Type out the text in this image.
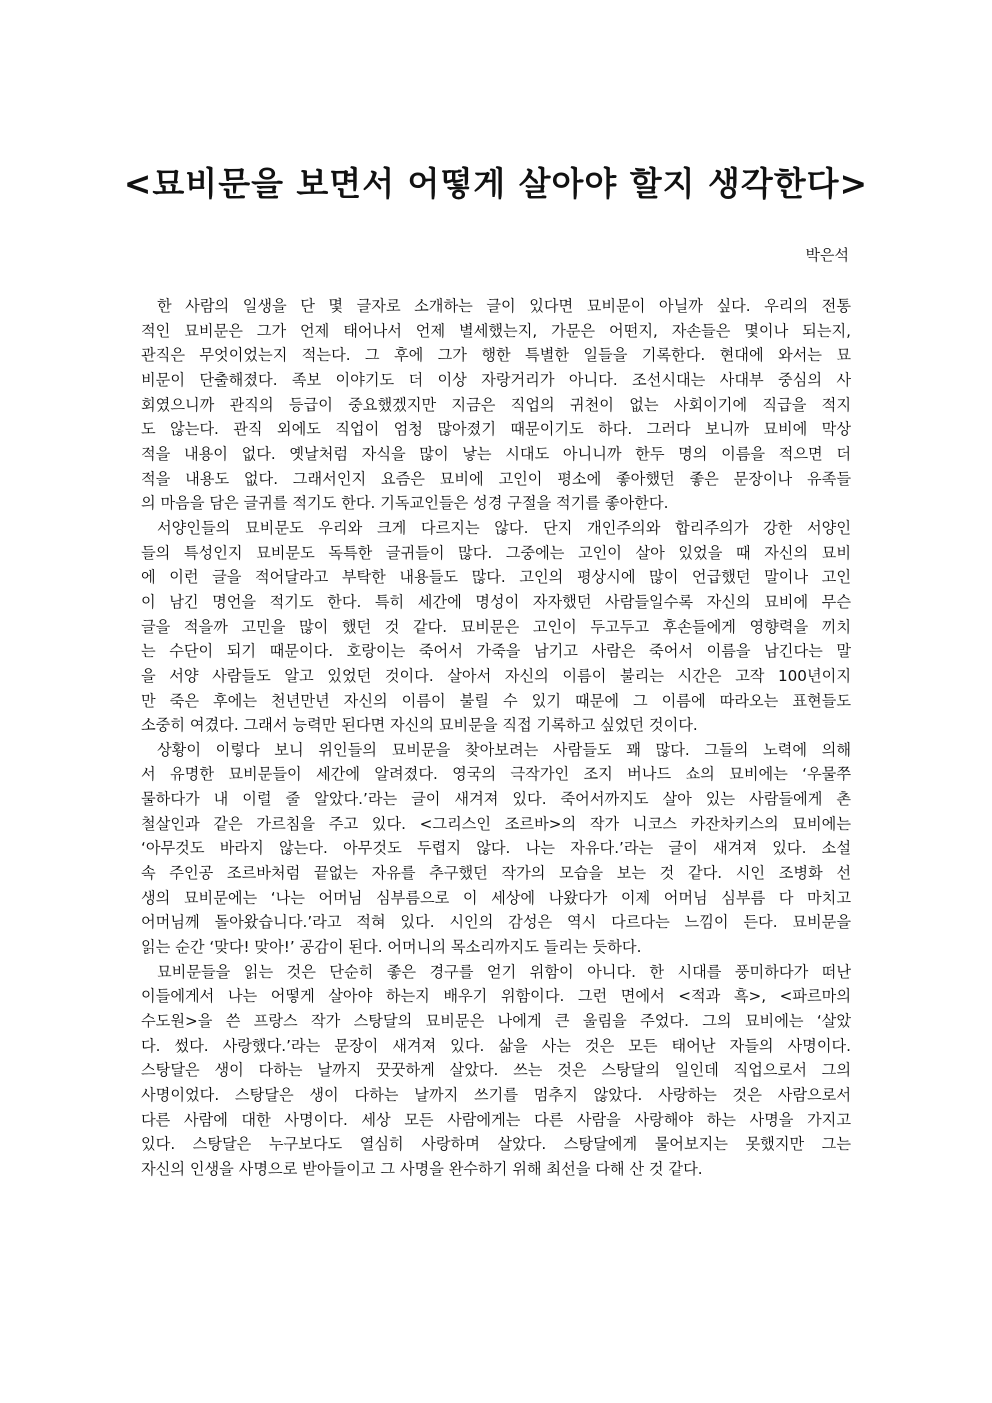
<묘비문을 보면서 어떻게 살아야 할지 생각한다>
박은석
한 사람의 일생을 단 몇 글자로 소개하는 글이 있다면 묘비문이 아닐까 싶다. 우리의 전통
적인 묘비문은 그가 언제 태어나서 언제 별세했는지, 가문은 어떤지, 자손들은 몇이나 되는지,
관직은 무엇이었는지 적는다. 그 후에 그가 행한 특별한 일들을 기록한다. 현대에 와서는 묘
비문이 단출해졌다. 족보 이야기도 더 이상 자랑거리가 아니다. 조선시대는 사대부 중심의 사
회였으니까 관직의 등급이 중요했겠지만 지금은 직업의 귀천이 없는 사회이기에 직급을 적지
도 않는다. 관직 외에도 직업이 엄청 많아졌기 때문이기도 하다. 그러다 보니까 묘비에 막상
적을 내용이 없다. 옛날처럼 자식을 많이 낳는 시대도 아니니까 한두 명의 이름을 적으면 더
적을 내용도 없다. 그래서인지 요즘은 묘비에 고인이 평소에 좋아했던 좋은 문장이나 유족들
의 마음을 담은 글귀를 적기도 한다. 기독교인들은 성경 구절을 적기를 좋아한다.
서양인들의 묘비문도 우리와 크게 다르지는 않다. 단지 개인주의와 합리주의가 강한 서양인
들의 특성인지 묘비문도 독특한 글귀들이 많다. 그중에는 고인이 살아 있었을 때 자신의 묘비
에 이런 글을 적어달라고 부탁한 내용들도 많다. 고인의 평상시에 많이 언급했던 말이나 고인
이 남긴 명언을 적기도 한다. 특히 세간에 명성이 자자했던 사람들일수록 자신의 묘비에 무슨
글을 적을까 고민을 많이 했던 것 같다. 묘비문은 고인이 두고두고 후손들에게 영향력을 끼치
는 수단이 되기 때문이다. 호랑이는 죽어서 가죽을 남기고 사람은 죽어서 이름을 남긴다는 말
을 서양 사람들도 알고 있었던 것이다. 살아서 자신의 이름이 불리는 시간은 고작 100년이지
만 죽은 후에는 천년만년 자신의 이름이 불릴 수 있기 때문에 그 이름에 따라오는 표현들도
소중히 여겼다. 그래서 능력만 된다면 자신의 묘비문을 직접 기록하고 싶었던 것이다.
상황이 이렇다 보니 위인들의 묘비문을 찾아보려는 사람들도 꽤 많다. 그들의 노력에 의해
서 유명한 묘비문들이 세간에 알려졌다. 영국의 극작가인 조지 버나드 쇼의 묘비에는 ‘우물쭈
물하다가 내 이럴 줄 알았다.’라는 글이 새겨져 있다. 죽어서까지도 살아 있는 사람들에게 촌
철살인과 같은 가르침을 주고 있다. <그리스인 조르바>의 작가 니코스 카잔차키스의 묘비에는
‘아무것도 바라지 않는다. 아무것도 두렵지 않다. 나는 자유다.’라는 글이 새겨져 있다. 소설
속 주인공 조르바처럼 끝없는 자유를 추구했던 작가의 모습을 보는 것 같다. 시인 조병화 선
생의 묘비문에는 ‘나는 어머님 심부름으로 이 세상에 나왔다가 이제 어머님 심부름 다 마치고
어머님께 돌아왔습니다.’라고 적혀 있다. 시인의 감성은 역시 다르다는 느낌이 든다. 묘비문을
읽는 순간 ‘맞다! 맞아!’ 공감이 된다. 어머니의 목소리까지도 들리는 듯하다.
묘비문들을 읽는 것은 단순히 좋은 경구를 얻기 위함이 아니다. 한 시대를 풍미하다가 떠난
이들에게서 나는 어떻게 살아야 하는지 배우기 위함이다. 그런 면에서 <적과 흑>, <파르마의
수도원>을 쓴 프랑스 작가 스탕달의 묘비문은 나에게 큰 울림을 주었다. 그의 묘비에는 ‘살았
다. 썼다. 사랑했다.’라는 문장이 새겨져 있다. 삶을 사는 것은 모든 태어난 자들의 사명이다.
스탕달은 생이 다하는 날까지 꿋꿋하게 살았다. 쓰는 것은 스탕달의 일인데 직업으로서 그의
사명이었다. 스탕달은 생이 다하는 날까지 쓰기를 멈추지 않았다. 사랑하는 것은 사람으로서
다른 사람에 대한 사명이다. 세상 모든 사람에게는 다른 사람을 사랑해야 하는 사명을 가지고
있다. 스탕달은 누구보다도 열심히 사랑하며 살았다. 스탕달에게 물어보지는 못했지만 그는
자신의 인생을 사명으로 받아들이고 그 사명을 완수하기 위해 최선을 다해 산 것 같다.
